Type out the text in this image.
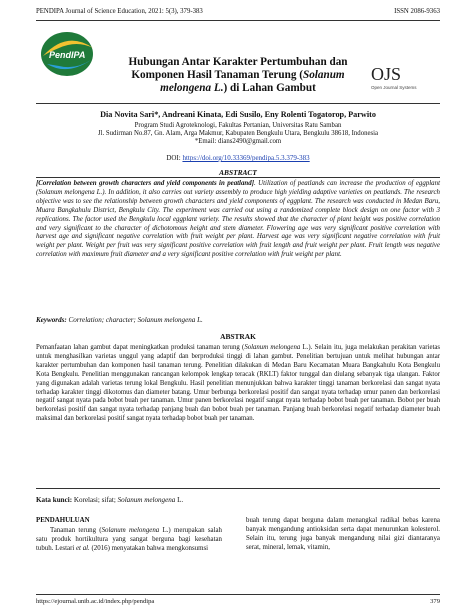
PENDIPA Journal of Science Education, 2021: 5(3), 379-383	ISSN 2086-9363
PendIPA
OJS
Open Journal Systems
Hubungan Antar Karakter Pertumbuhan dan
Komponen Hasil Tanaman Terung (Solanum
melongena L.) di Lahan Gambut
Dia Novita Sari*, Andreani Kinata, Edi Susilo, Eny Rolenti Togatorop, Parwito
Program Studi Agroteknologi, Fakultas Pertanian, Universitas Ratu Samban
Jl. Sudirman No.87, Gn. Alam, Arga Makmur, Kabupaten Bengkulu Utara, Bengkulu 38618, Indonesia
*Email: dians2490@gmail.com
DOI: https://doi.org/10.33369/pendipa.5.3.379-383
ABSTRACT
[Correlation between growth characters and yield components in peatland]. Utilization of peatlands can increase the production of eggplant (Solanum melongena L.). In addition, it also carries out variety assembly to produce high yielding adaptive varieties on peatlands. The research objective was to see the relationship between growth characters and yield components of eggplant. The research was conducted in Medan Baru, Muara Bangkahulu District, Bengkulu City. The experiment was carried out using a randomized complete block design on one factor with 3 replications. The factor used the Bengkulu local eggplant variety. The results showed that the character of plant height was positive correlation and very significant to the character of dichotomous height and stem diameter. Flowering age was very significant positive correlation with harvest age and significant negative correlation with fruit weight per plant. Harvest age was very significant negative correlation with fruit weight per plant. Weight per fruit was very significant positive correlation with fruit length and fruit weight per plant. Fruit length was negative correlation with maximum fruit diameter and a very significant positive correlation with fruit weight per plant.
Keywords: Correlation; character; Solanum melongena L.
ABSTRAK
Pemanfaatan lahan gambut dapat meningkatkan produksi tanaman terung (Solanum melongena L.). Selain itu, juga melakukan perakitan varietas untuk menghasilkan varietas unggul yang adaptif dan berproduksi tinggi di lahan gambut. Penelitian bertujuan untuk melihat hubungan antar karakter pertumbuhan dan komponen hasil tanaman terung. Penelitian dilakukan di Medan Baru Kecamatan Muara Bangkahulu Kota Bengkulu Kota Bengkulu. Penelitian menggunakan rancangan kelompok lengkap teracak (RKLT) faktor tunggal dan diulang sebanyak tiga ulangan. Faktor yang digunakan adalah varietas terung lokal Bengkulu. Hasil penelitian menunjukkan bahwa karakter tinggi tanaman berkorelasi dan sangat nyata terhadap karakter tinggi dikotomus dan diameter batang. Umur berbunga berkorelasi positif dan sangat nyata terhadap umur panen dan berkorelasi negatif sangat nyata pada bobot buah per tanaman. Umur panen berkorelasi negatif sangat nyata terhadap bobot buah per tanaman. Bobot per buah berkorelasi positif dan sangat nyata terhadap panjang buah dan bobot buah per tanaman. Panjang buah berkorelasi negatif terhadap diameter buah maksimal dan berkorelasi positif sangat nyata terhadap bobot buah per tanaman.
Kata kunci: Korelasi; sifat; Solanum melongena L.
PENDAHULUAN

Tanaman terung (Solanum melongena L.) merupakan salah satu produk hortikultura yang sangat berguna bagi kesehatan tubuh. Lestari et al. (2016) menyatakan bahwa mengkonsumsi

buah terung dapat berguna dalam menangkal radikal bebas karena banyak mengandung antioksidan serta dapat menurunkan kolesterol. Selain itu, terung juga banyak mengandung nilai gizi diantaranya serat, mineral, lemak, vitamin,

https://ejournal.unib.ac.id/index.php/pendipa	379
